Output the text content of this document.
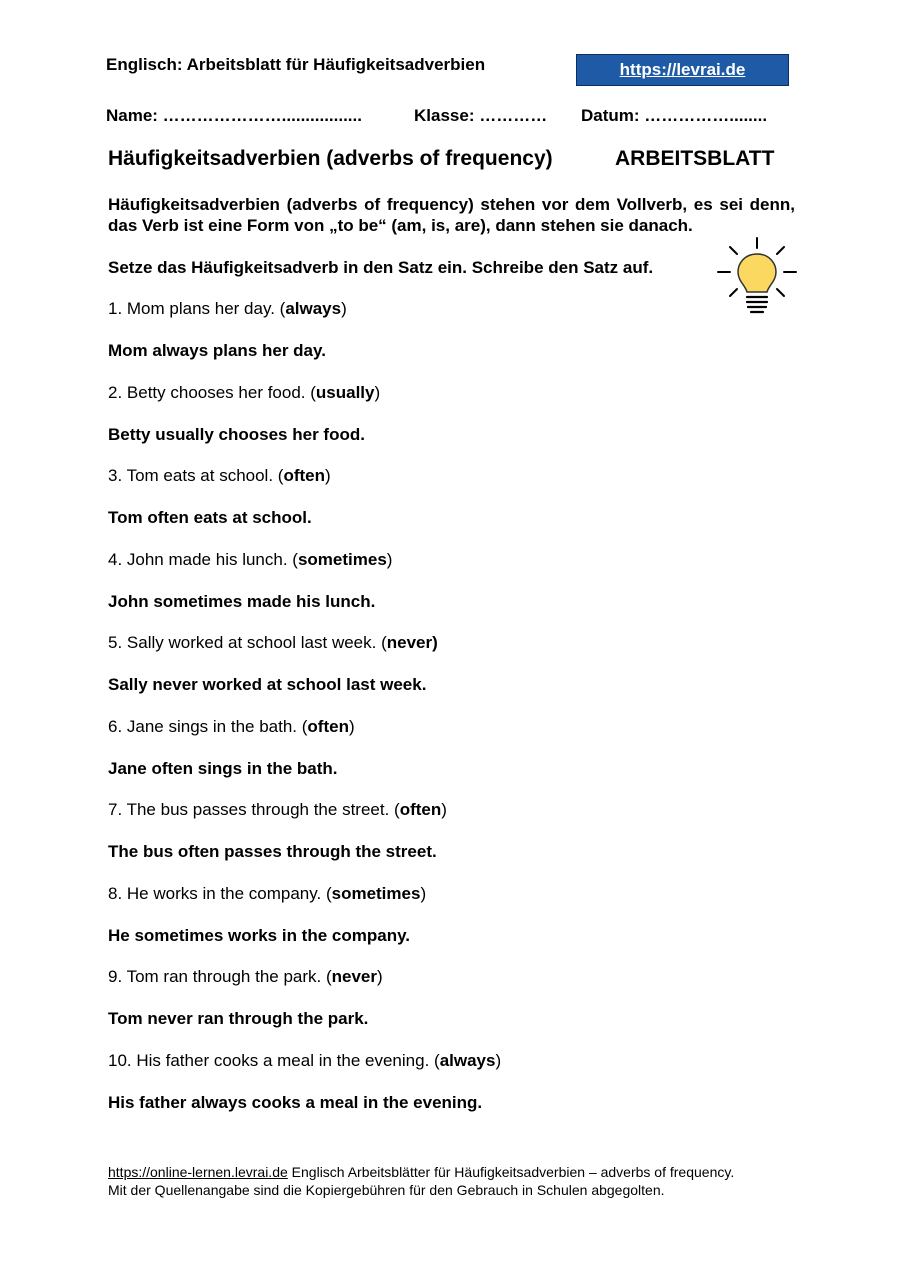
Englisch: Arbeitsblatt für Häufigkeitsadverbien	https://levrai.de
Name: ………………….................	Klasse: ………… Datum: ……………........
Häufigkeitsadverbien (adverbs of frequency)	ARBEITSBLATT
Häufigkeitsadverbien (adverbs of frequency) stehen vor dem Vollverb, es sei denn, das Verb ist eine Form von „to be“ (am, is, are), dann stehen sie danach.
Setze das Häufigkeitsadverb in den Satz ein. Schreibe den Satz auf.
1. Mom plans her day. (always)
Mom always plans her day.
2. Betty chooses her food. (usually)
Betty usually chooses her food.
3. Tom eats at school. (often)
Tom often eats at school.
4. John made his lunch. (sometimes)
John sometimes made his lunch.
5. Sally worked at school last week. (never)
Sally never worked at school last week.
6. Jane sings in the bath. (often)
Jane often sings in the bath.
7. The bus passes through the street. (often)
The bus often passes through the street.
8. He works in the company. (sometimes)
He sometimes works in the company.
9. Tom ran through the park. (never)
Tom never ran through the park.
10. His father cooks a meal in the evening. (always)
His father always cooks a meal in the evening.
https://online-lernen.levrai.de Englisch Arbeitsblätter für Häufigkeitsadverbien – adverbs of frequency.
Mit der Quellenangabe sind die Kopiergebühren für den Gebrauch in Schulen abgegolten.
